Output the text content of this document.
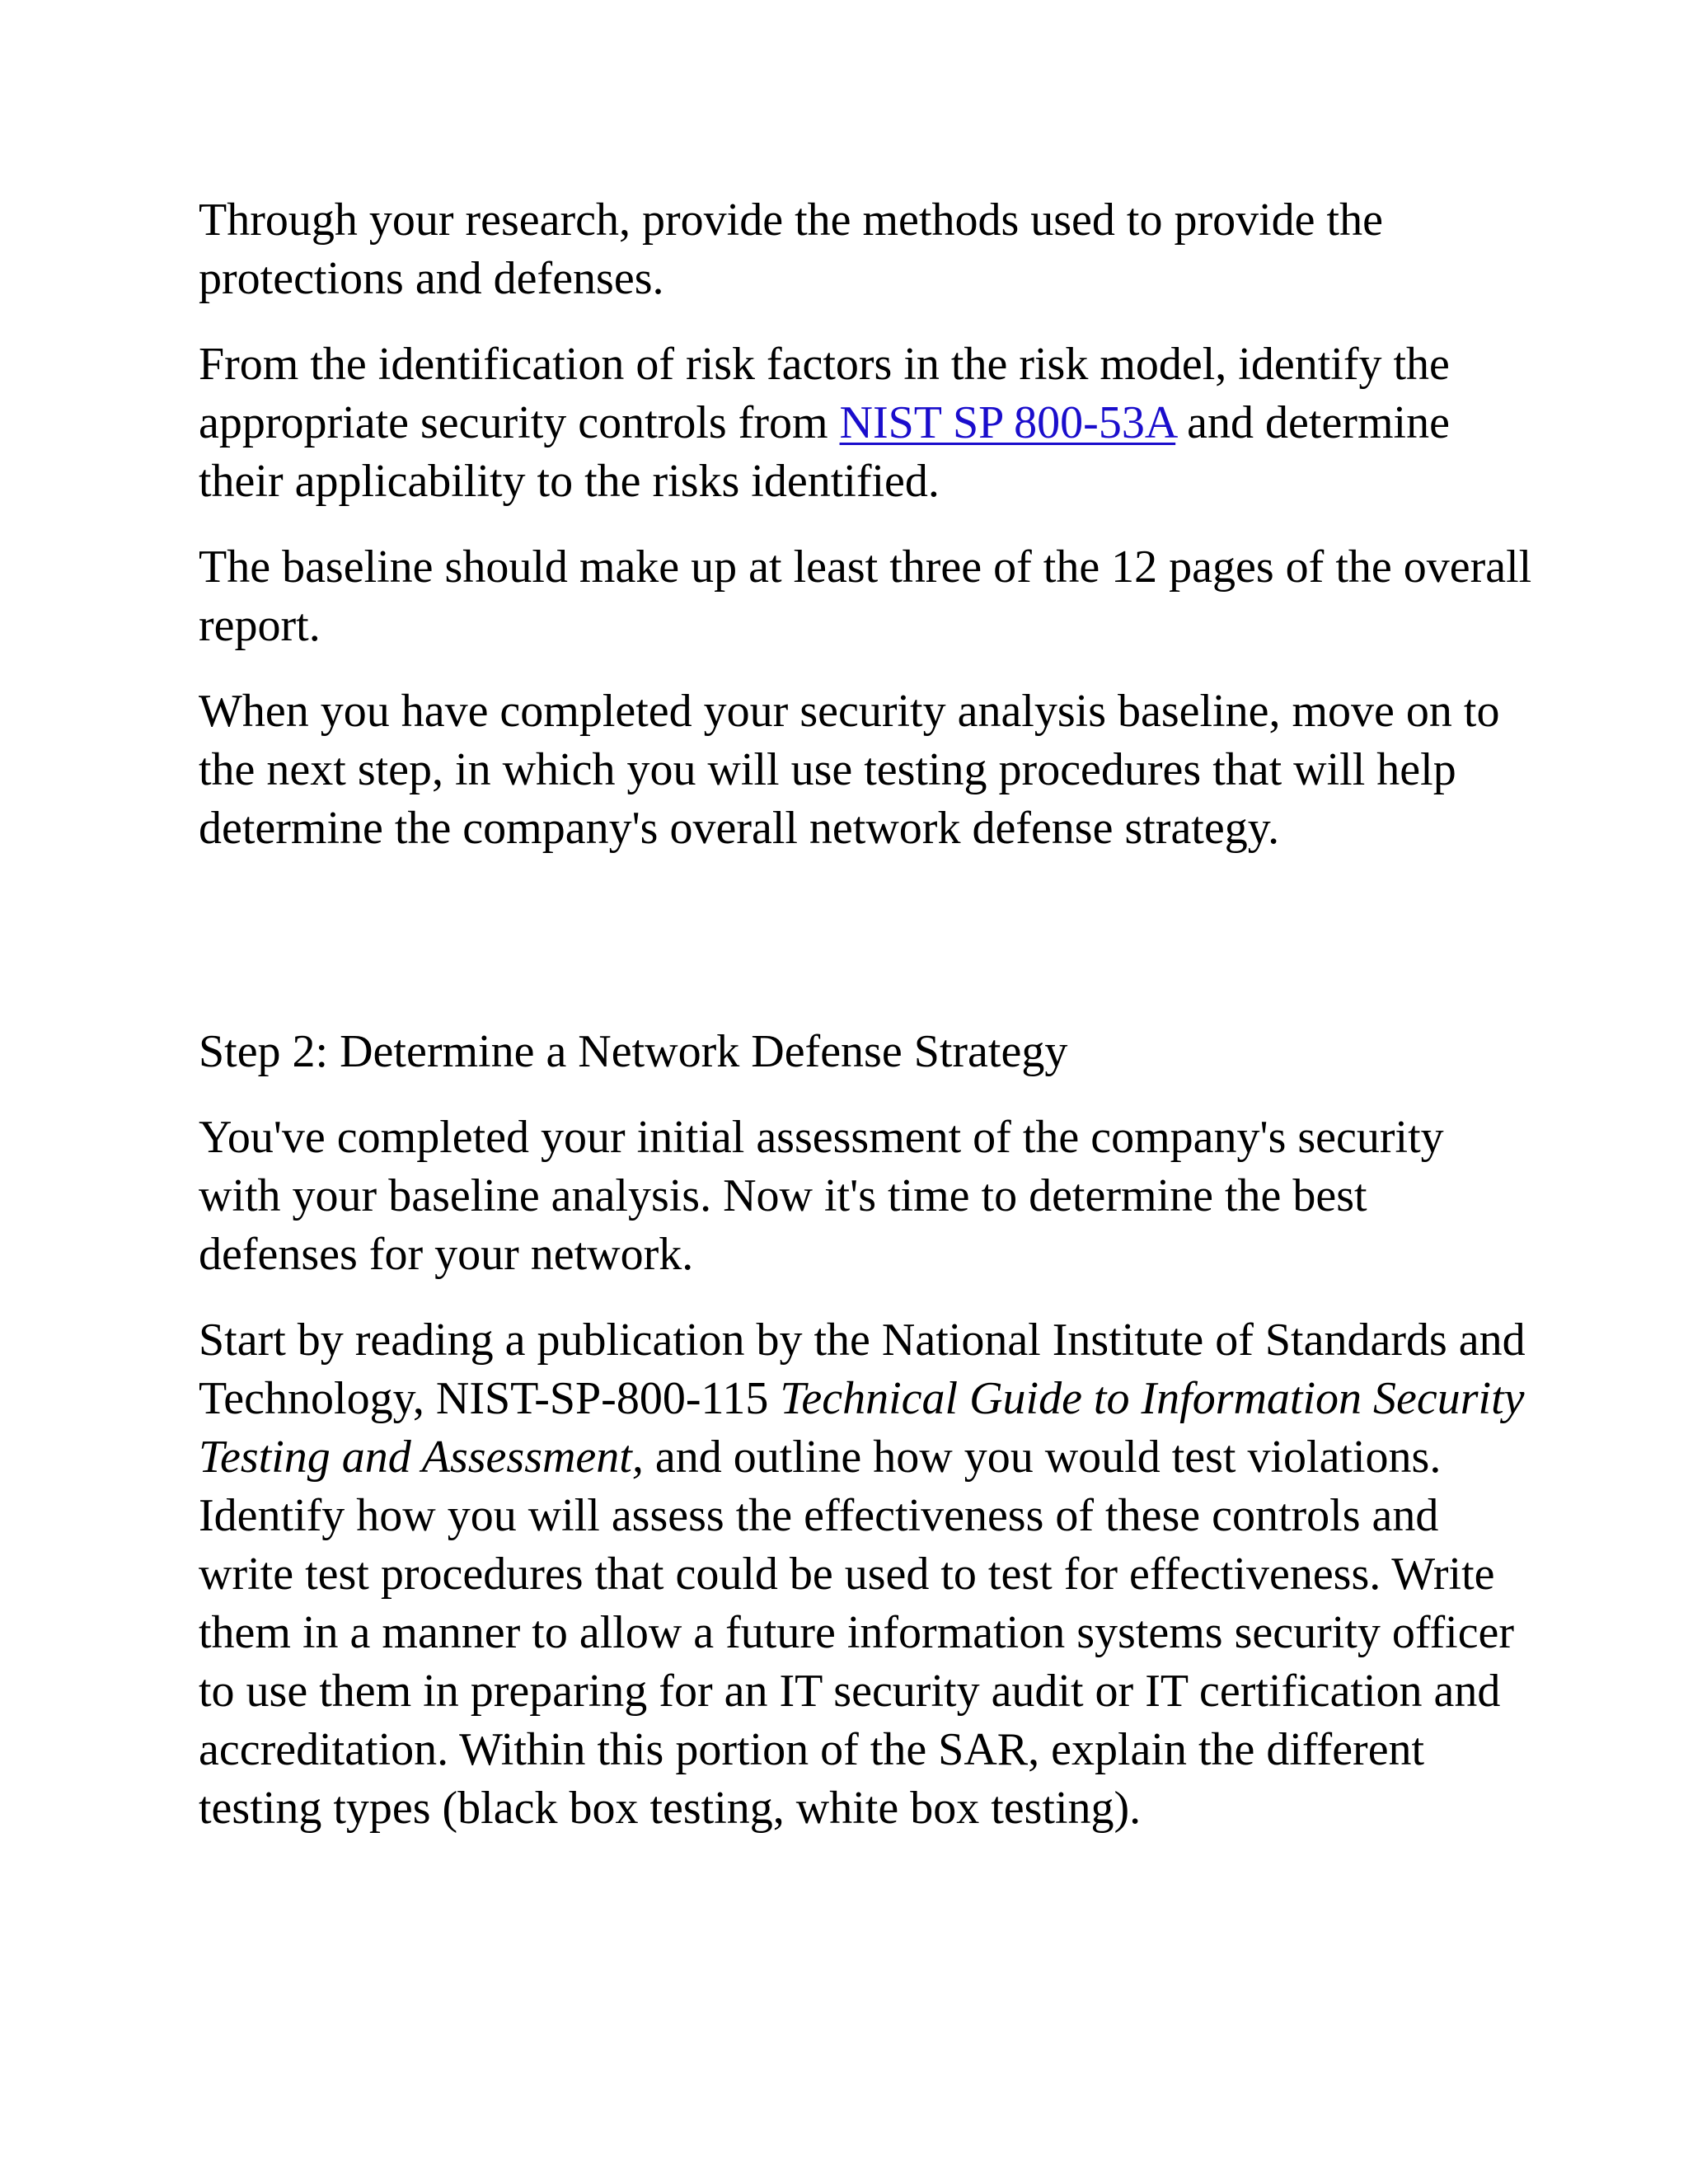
Through your research, provide the methods used to provide the protections and defenses.

From the identification of risk factors in the risk model, identify the appropriate security controls from NIST SP 800-53A and determine their applicability to the risks identified.

The baseline should make up at least three of the 12 pages of the overall report.

When you have completed your security analysis baseline, move on to the next step, in which you will use testing procedures that will help determine the company's overall network defense strategy.

Step 2: Determine a Network Defense Strategy

You've completed your initial assessment of the company's security with your baseline analysis. Now it's time to determine the best defenses for your network.

Start by reading a publication by the National Institute of Standards and Technology, NIST-SP-800-115 Technical Guide to Information Security Testing and Assessment, and outline how you would test violations. Identify how you will assess the effectiveness of these controls and write test procedures that could be used to test for effectiveness. Write them in a manner to allow a future information systems security officer to use them in preparing for an IT security audit or IT certification and accreditation. Within this portion of the SAR, explain the different testing types (black box testing, white box testing).
